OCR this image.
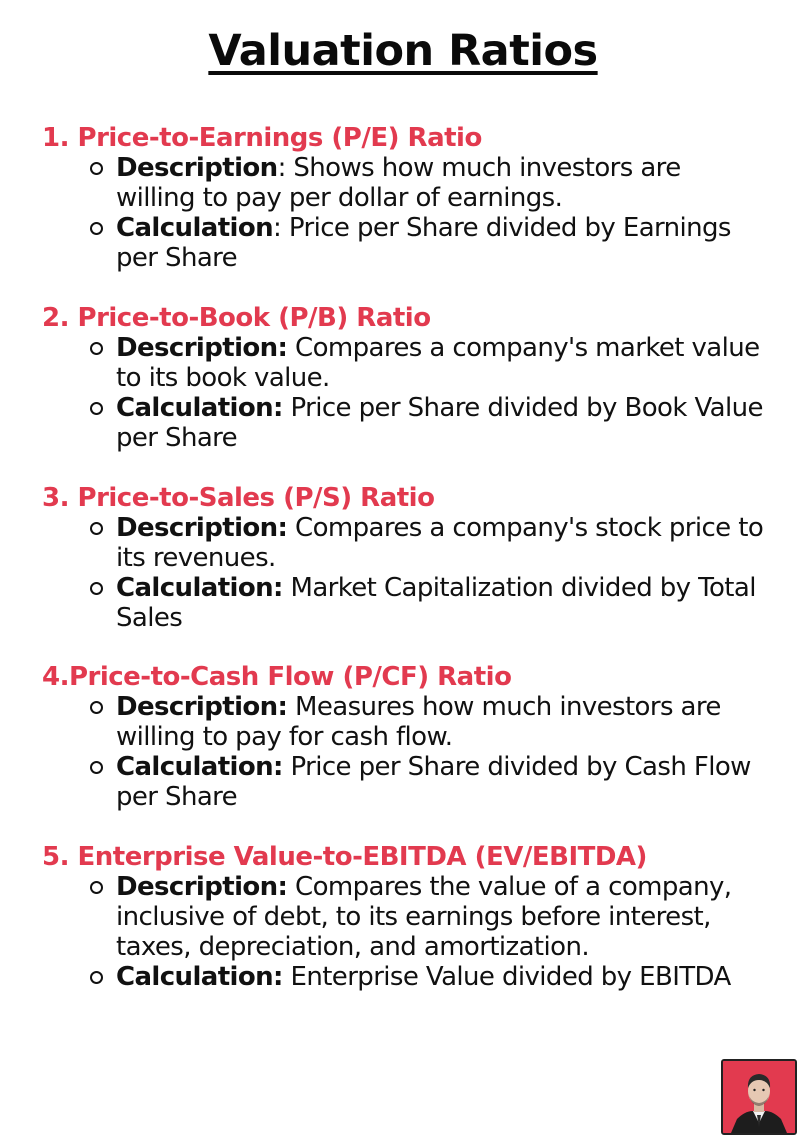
Valuation Ratios
1. Price-to-Earnings (P/E) Ratio
Description: Shows how much investors are willing to pay per dollar of earnings.
Calculation: Price per Share divided by Earnings per Share
2. Price-to-Book (P/B) Ratio
Description: Compares a company's market value to its book value.
Calculation: Price per Share divided by Book Value per Share
3. Price-to-Sales (P/S) Ratio
Description: Compares a company's stock price to its revenues.
Calculation: Market Capitalization divided by Total Sales
4.Price-to-Cash Flow (P/CF) Ratio
Description: Measures how much investors are willing to pay for cash flow.
Calculation: Price per Share divided by Cash Flow per Share
5. Enterprise Value-to-EBITDA (EV/EBITDA)
Description: Compares the value of a company, inclusive of debt, to its earnings before interest, taxes, depreciation, and amortization.
Calculation: Enterprise Value divided by EBITDA
